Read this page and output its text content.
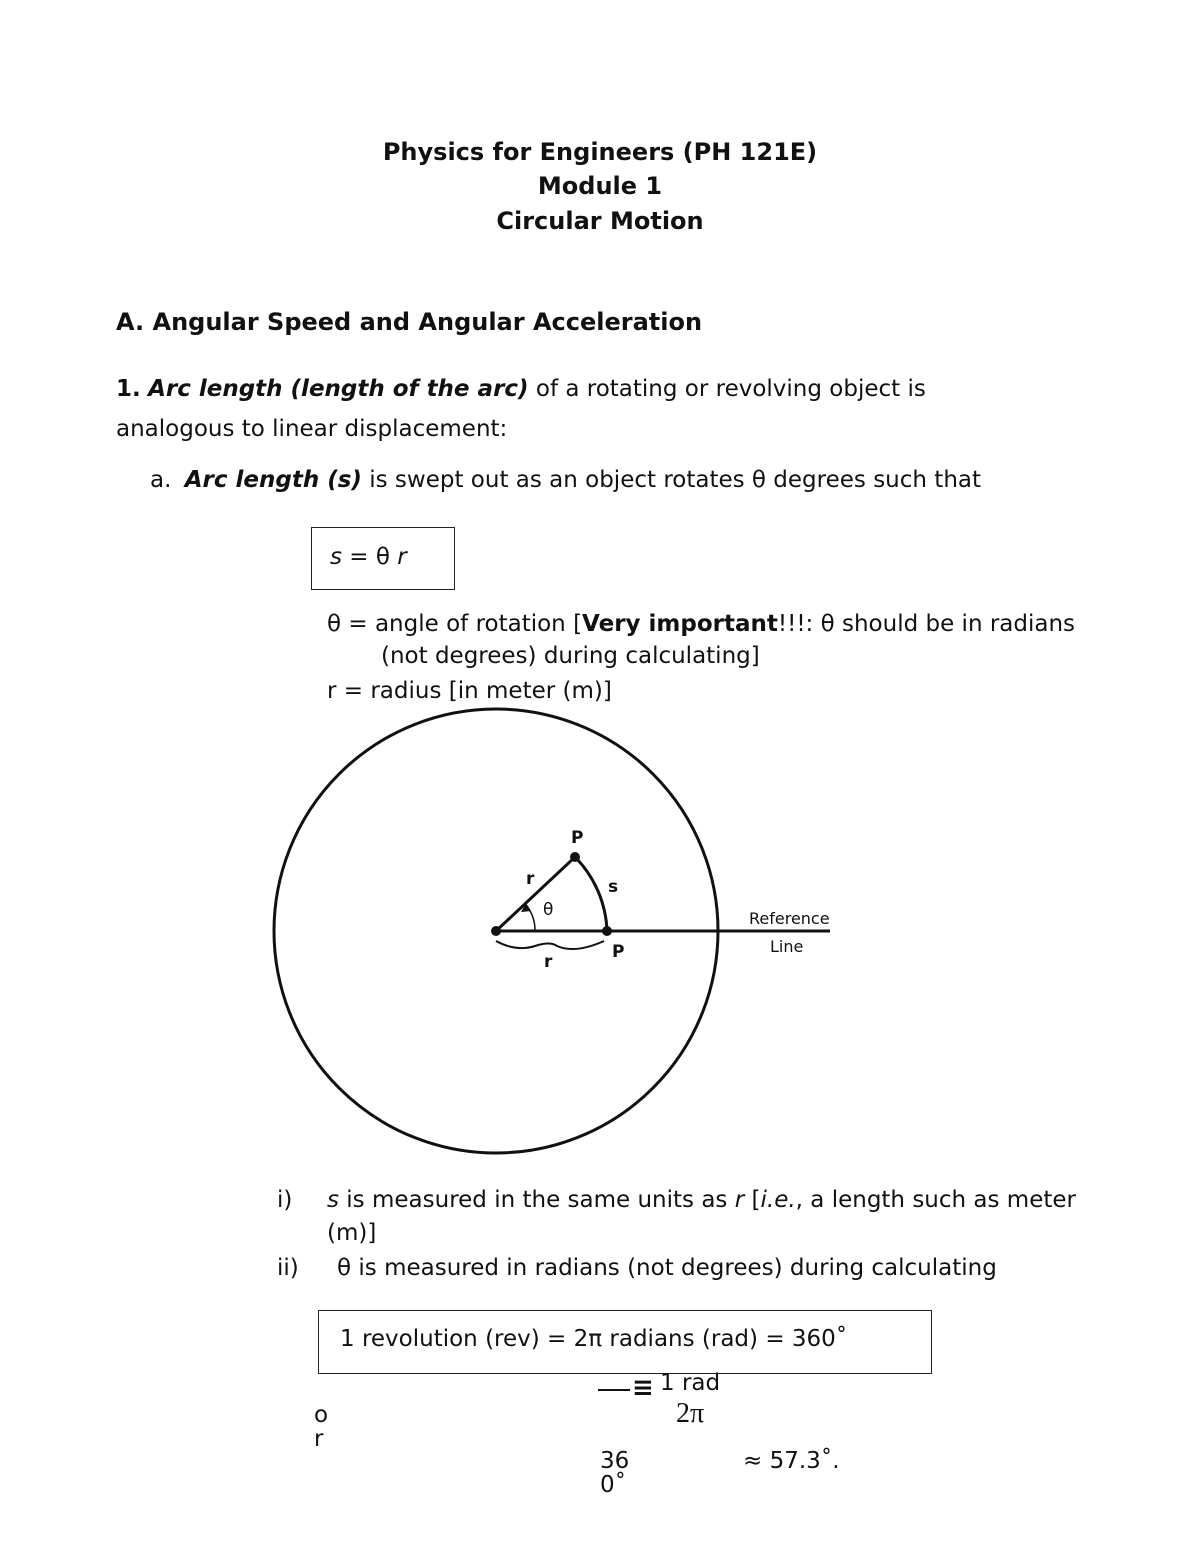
Physics for Engineers (PH 121E)
Module 1
Circular Motion
A. Angular Speed and Angular Acceleration
1. Arc length (length of the arc) of a rotating or revolving object is
analogous to linear displacement:
a. Arc length (s) is swept out as an object rotates θ degrees such that
s = θ r
θ = angle of rotation [Very important!!!: θ should be in radians
(not degrees) during calculating]
r = radius [in meter (m)]
P
P
r
r
s
θ	Reference
Line
i) s is measured in the same units as r [i.e., a length such as meter
(m)]
ii) θ is measured in radians (not degrees) during calculating
1 revolution (rev) = 2π radians (rad) = 360˚
o
r
≡ 1 rad
2π
36
0˚
≈ 57.3˚.
